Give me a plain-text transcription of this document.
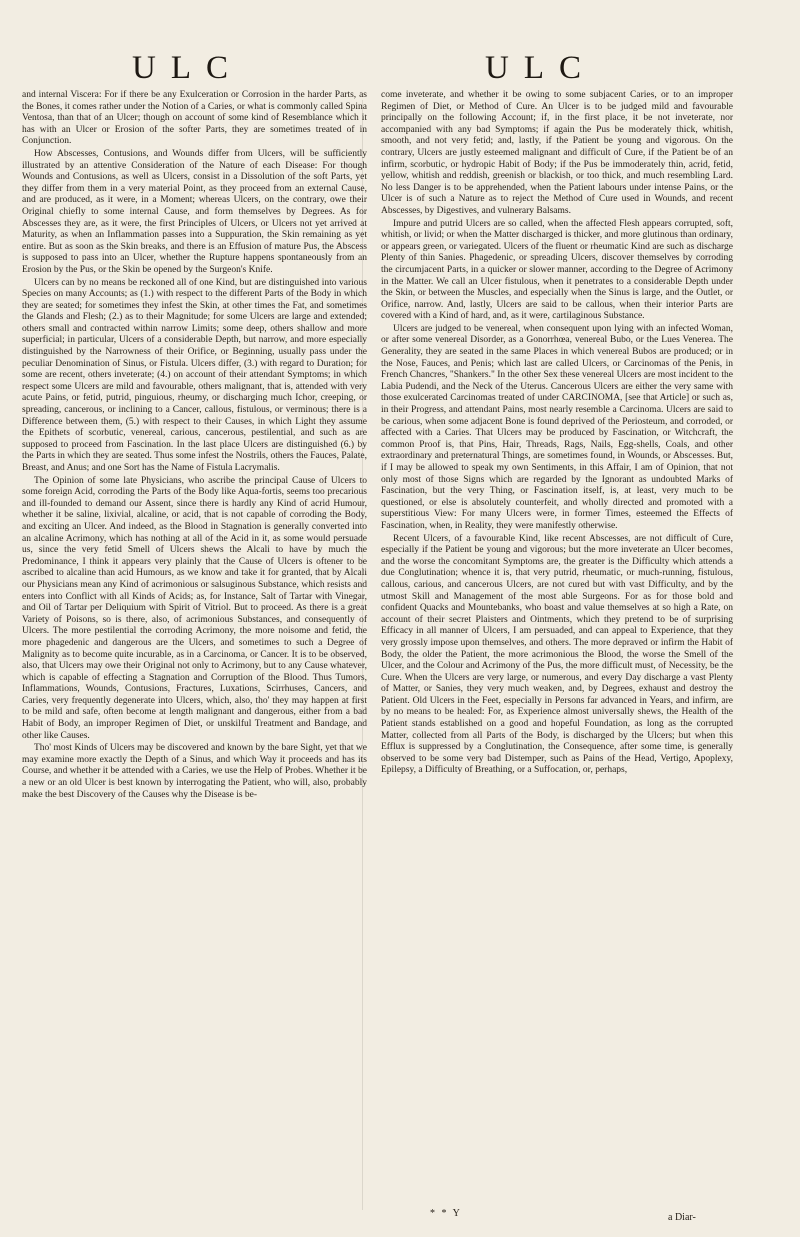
ULC	ULC

and internal Viscera: For if there be any Exulceration or Corrosion in the harder Parts, as the Bones, it comes rather under the Notion of a Caries, or what is commonly called Spina Ventosa, than that of an Ulcer; though on account of some kind of Resemblance which it has with an Ulcer or Erosion of the softer Parts, they are sometimes treated of in Conjunction.

How Abscesses, Contusions, and Wounds differ from Ulcers, will be sufficiently illustrated by an attentive Consideration of the Nature of each Disease: For though Wounds and Contusions, as well as Ulcers, consist in a Dissolution of the soft Parts, yet they differ from them in a very material Point, as they proceed from an external Cause, and are produced, as it were, in a Moment; whereas Ulcers, on the contrary, owe their Original chiefly to some internal Cause, and form themselves by Degrees. As for Abscesses they are, as it were, the first Principles of Ulcers, or Ulcers not yet arrived at Maturity, as when an Inflammation passes into a Suppuration, the Skin remaining as yet entire. But as soon as the Skin breaks, and there is an Effusion of mature Pus, the Abscess is supposed to pass into an Ulcer, whether the Rupture happens spontaneously from an Erosion by the Pus, or the Skin be opened by the Surgeon's Knife.

Ulcers can by no means be reckoned all of one Kind, but are distinguished into various Species on many Accounts; as (1.) with respect to the different Parts of the Body in which they are seated; for sometimes they infest the Skin, at other times the Fat, and sometimes the Glands and Flesh; (2.) as to their Magnitude; for some Ulcers are large and extended; others small and contracted within narrow Limits; some deep, others shallow and more superficial; in particular, Ulcers of a considerable Depth, but narrow, and more especially distinguished by the Narrowness of their Orifice, or Beginning, usually pass under the peculiar Denomination of Sinus, or Fistula. Ulcers differ, (3.) with regard to Duration; for some are recent, others inveterate; (4.) on account of their attendant Symptoms; in which respect some Ulcers are mild and favourable, others malignant, that is, attended with very acute Pains, or fetid, putrid, pinguious, rheumy, or discharging much Ichor, creeping, or spreading, cancerous, or inclining to a Cancer, callous, fistulous, or verminous; there is a Difference between them, (5.) with respect to their Causes, in which Light they assume the Epithets of scorbutic, venereal, carious, cancerous, pestilential, and such as are supposed to proceed from Fascination. In the last place Ulcers are distinguished (6.) by the Parts in which they are seated. Thus some infest the Nostrils, others the Fauces, Palate, Breast, and Anus; and one Sort has the Name of Fistula Lacrymalis.

The Opinion of some late Physicians, who ascribe the principal Cause of Ulcers to some foreign Acid, corroding the Parts of the Body like Aqua-fortis, seems too precarious and ill-founded to demand our Assent, since there is hardly any Kind of acrid Humour, whether it be saline, lixivial, alcaline, or acid, that is not capable of corroding the Body, and exciting an Ulcer. And indeed, as the Blood in Stagnation is generally converted into an alcaline Acrimony, which has nothing at all of the Acid in it, as some would persuade us, since the very fetid Smell of Ulcers shews the Alcali to have by much the Predominance, I think it appears very plainly that the Cause of Ulcers is oftener to be ascribed to alcaline than acid Humours, as we know and take it for granted, that by Alcali our Physicians mean any Kind of acrimonious or salsuginous Substance, which resists and enters into Conflict with all Kinds of Acids; as, for Instance, Salt of Tartar with Vinegar, and Oil of Tartar per Deliquium with Spirit of Vitriol. But to proceed. As there is a great Variety of Poisons, so is there, also, of acrimonious Substances, and consequently of Ulcers. The more pestilential the corroding Acrimony, the more noisome and fetid, the more phagedenic and dangerous are the Ulcers, and sometimes to such a Degree of Malignity as to become quite incurable, as in a Carcinoma, or Cancer. It is to be observed, also, that Ulcers may owe their Original not only to Acrimony, but to any Cause whatever, which is capable of effecting a Stagnation and Corruption of the Blood. Thus Tumors, Inflammations, Wounds, Contusions, Fractures, Luxations, Scirrhuses, Cancers, and Caries, very frequently degenerate into Ulcers, which, also, tho' they may happen at first to be mild and safe, often become at length malignant and dangerous, either from a bad Habit of Body, an improper Regimen of Diet, or unskilful Treatment and Bandage, and other like Causes.

Tho' most Kinds of Ulcers may be discovered and known by the bare Sight, yet that we may examine more exactly the Depth of a Sinus, and which Way it proceeds and has its Course, and whether it be attended with a Caries, we use the Help of Probes. Whether it be a new or an old Ulcer is best known by interrogating the Patient, who will, also, probably make the best Discovery of the Causes why the Disease is be-

come inveterate, and whether it be owing to some subjacent Caries, or to an improper Regimen of Diet, or Method of Cure. An Ulcer is to be judged mild and favourable principally on the following Account; if, in the first place, it be not inveterate, nor accompanied with any bad Symptoms; if again the Pus be moderately thick, whitish, smooth, and not very fetid; and, lastly, if the Patient be young and vigorous. On the contrary, Ulcers are justly esteemed malignant and difficult of Cure, if the Patient be of an infirm, scorbutic, or hydropic Habit of Body; if the Pus be immoderately thin, acrid, fetid, yellow, whitish and reddish, greenish or blackish, or too thick, and much resembling Lard. No less Danger is to be apprehended, when the Patient labours under intense Pains, or the Ulcer is of such a Nature as to reject the Method of Cure used in Wounds, and recent Abscesses, by Digestives, and vulnerary Balsams.

Impure and putrid Ulcers are so called, when the affected Flesh appears corrupted, soft, whitish, or livid; or when the Matter discharged is thicker, and more glutinous than ordinary, or appears green, or variegated. Ulcers of the fluent or rheumatic Kind are such as discharge Plenty of thin Sanies. Phagedenic, or spreading Ulcers, discover themselves by corroding the circumjacent Parts, in a quicker or slower manner, according to the Degree of Acrimony in the Matter. We call an Ulcer fistulous, when it penetrates to a considerable Depth under the Skin, or between the Muscles, and especially when the Sinus is large, and the Outlet, or Orifice, narrow. And, lastly, Ulcers are said to be callous, when their interior Parts are covered with a Kind of hard, and, as it were, cartilaginous Substance.

Ulcers are judged to be venereal, when consequent upon lying with an infected Woman, or after some venereal Disorder, as a Gonorrhœa, venereal Bubo, or the Lues Venerea. The Generality, they are seated in the same Places in which venereal Bubos are produced; or in the Nose, Fauces, and Penis; which last are called Ulcers, or Carcinomas of the Penis, in French Chancres, "Shankers." In the other Sex these venereal Ulcers are most incident to the Labia Pudendi, and the Neck of the Uterus. Cancerous Ulcers are either the very same with those exulcerated Carcinomas treated of under CARCINOMA, [see that Article] or such as, in their Progress, and attendant Pains, most nearly resemble a Carcinoma. Ulcers are said to be carious, when some adjacent Bone is found deprived of the Periosteum, and corroded, or affected with a Caries. That Ulcers may be produced by Fascination, or Witchcraft, the common Proof is, that Pins, Hair, Threads, Rags, Nails, Egg-shells, Coals, and other extraordinary and preternatural Things, are sometimes found, in Wounds, or Abscesses. But, if I may be allowed to speak my own Sentiments, in this Affair, I am of Opinion, that not only most of those Signs which are regarded by the Ignorant as undoubted Marks of Fascination, but the very Thing, or Fascination itself, is, at least, very much to be questioned, or else is absolutely counterfeit, and wholly directed and promoted with a superstitious View: For many Ulcers were, in former Times, esteemed the Effects of Fascination, when, in Reality, they were manifestly otherwise.

Recent Ulcers, of a favourable Kind, like recent Abscesses, are not difficult of Cure, especially if the Patient be young and vigorous; but the more inveterate an Ulcer becomes, and the worse the concomitant Symptoms are, the greater is the Difficulty which attends a due Conglutination; whence it is, that very putrid, rheumatic, or much-running, fistulous, callous, carious, and cancerous Ulcers, are not cured but with vast Difficulty, and by the utmost Skill and Management of the most able Surgeons. For as for those bold and confident Quacks and Mountebanks, who boast and value themselves at so high a Rate, on account of their secret Plaisters and Ointments, which they pretend to be of surprising Efficacy in all manner of Ulcers, I am persuaded, and can appeal to Experience, that they very grossly impose upon themselves, and others. The more depraved or infirm the Habit of Body, the older the Patient, the more acrimonious the Blood, the worse the Smell of the Ulcer, and the Colour and Acrimony of the Pus, the more difficult must, of Necessity, be the Cure. When the Ulcers are very large, or numerous, and every Day discharge a vast Plenty of Matter, or Sanies, they very much weaken, and, by Degrees, exhaust and destroy the Patient. Old Ulcers in the Feet, especially in Persons far advanced in Years, and infirm, are by no means to be healed: For, as Experience almost universally shews, the Health of the Patient stands established on a good and hopeful Foundation, as long as the corrupted Matter, collected from all Parts of the Body, is discharged by the Ulcers; but when this Efflux is suppressed by a Conglutination, the Consequence, after some time, is generally observed to be some very bad Distemper, such as Pains of the Head, Vertigo, Apoplexy, Epilepsy, a Difficulty of Breathing, or a Suffocation, or, perhaps,

* * Y	a Diar-
